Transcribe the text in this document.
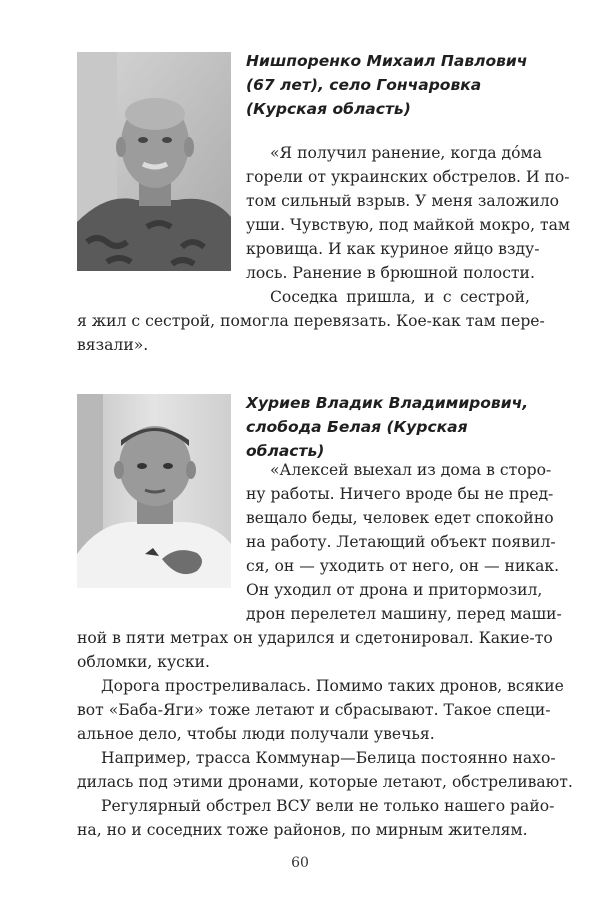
Нишпоренко Михаил Павлович
(67 лет), село Гончаровка
(Курская область)

«Я получил ранение, когда до́ма

горели от украинских обстрелов. И по-

том сильный взрыв. У меня заложило

уши. Чувствую, под майкой мокро, там

кровища. И как куриное яйцо взду-

лось. Ранение в брюшной полости.

Соседка пришла, и с сестрой,

я жил с сестрой, помогла перевязать. Кое-как там пере-

вязали».

Хуриев Владик Владимирович,
слобода Белая (Курская область)

«Алексей выехал из дома в сторо-

ну работы. Ничего вроде бы не пред-

вещало беды, человек едет спокойно

на работу. Летающий объект появил-

ся, он — уходить от него, он — никак.

Он уходил от дрона и притормозил,

дрон перелетел машину, перед маши-

ной в пяти метрах он ударился и сдетонировал. Какие-то

обломки, куски.

Дорога простреливалась. Помимо таких дронов, всякие

вот «Баба-Яги» тоже летают и сбрасывают. Такое специ-

альное дело, чтобы люди получали увечья.

Например, трасса Коммунар—Белица постоянно нахо-

дилась под этими дронами, которые летают, обстреливают.

Регулярный обстрел ВСУ вели не только нашего райо-

на, но и соседних тоже районов, по мирным жителям.

60
